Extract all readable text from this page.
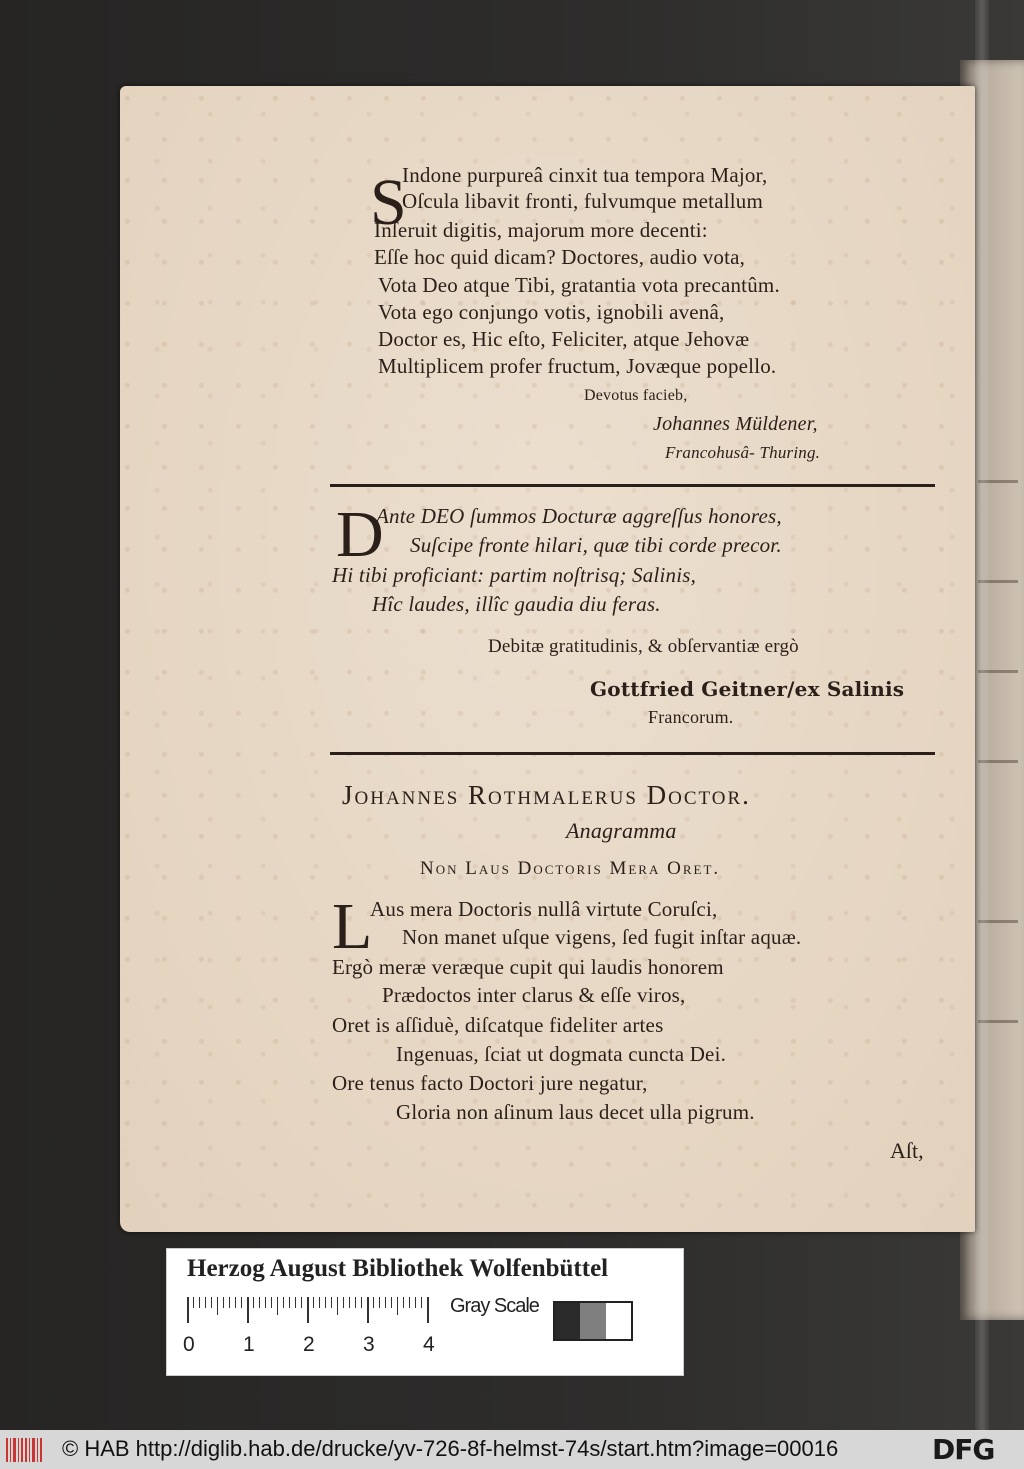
S
Indone purpureâ cinxit tua tempora Major,
Oſcula libavit fronti, fulvumque metallum
Inſeruit digitis, majorum more decenti:
Eſſe hoc quid dicam? Doctores, audio vota,
Vota Deo atque Tibi, gratantia vota precantûm.
Vota ego conjungo votis, ignobili avenâ,
Doctor es, Hic eſto, Feliciter, atque Jehovæ
Multiplicem profer fructum, Jovæque popello.
Devotus facieb,
Johannes Müldener,
Francohusâ- Thuring.
D
Ante DEO ſummos Docturæ aggreſſus honores,
Suſcipe fronte hilari, quæ tibi corde precor.
Hi tibi proficiant: partim noſtrisq; Salinis,
Hîc laudes, illîc gaudia diu feras.
Debitæ gratitudinis, & obſervantiæ ergò
Gottfried Geitner/ex Salinis
Francorum.
Johannes Rothmalerus Doctor.
Anagramma
Non Laus Doctoris Mera Oret.
L
Aus mera Doctoris nullâ virtute Coruſci,
Non manet uſque vigens, ſed fugit inſtar aquæ.
Ergò meræ veræque cupit qui laudis honorem
Prædoctos inter clarus & eſſe viros,
Oret is aſſiduè, diſcatque fideliter artes
Ingenuas, ſciat ut dogmata cuncta Dei.
Ore tenus facto Doctori jure negatur,
Gloria non aſinum laus decet ulla pigrum.
Aſt,
Herzog August Bibliothek Wolfenbüttel
0 1 2 3 4
Gray Scale
© HAB http://diglib.hab.de/drucke/yv-726-8f-helmst-74s/start.htm?image=00016	DFG
